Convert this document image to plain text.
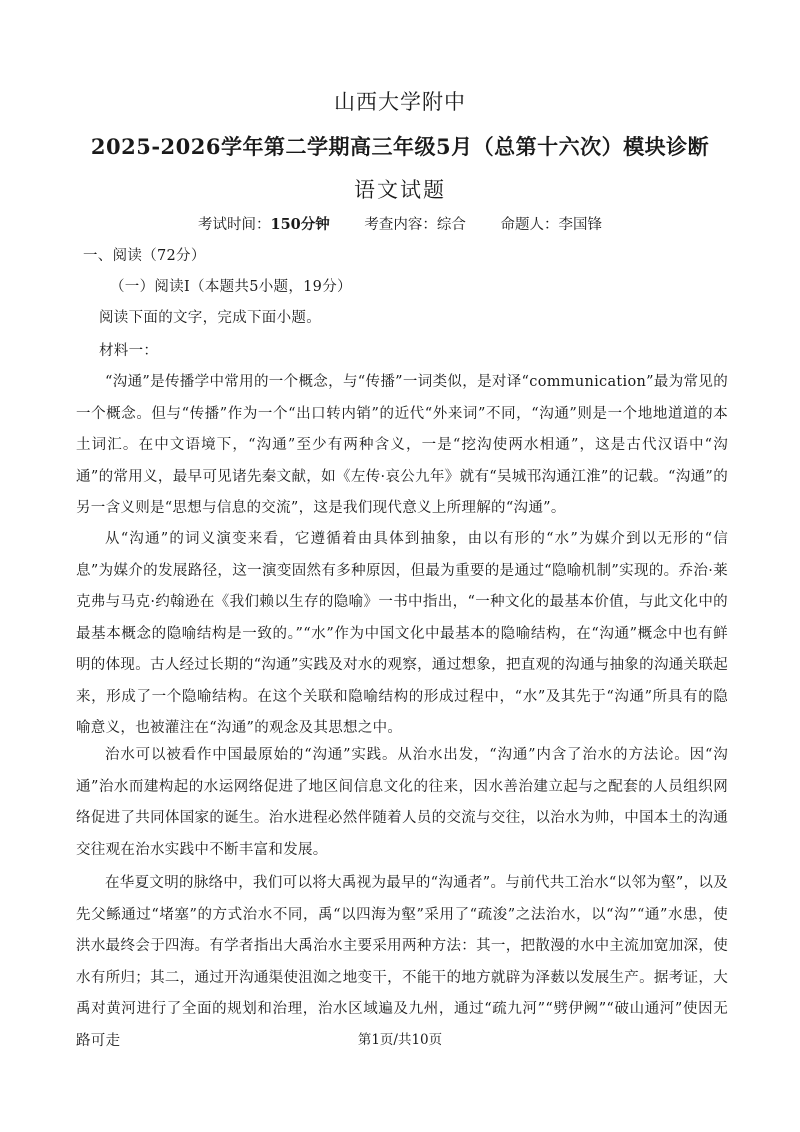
山西大学附中
2025-2026学年第二学期高三年级5月（总第十六次）模块诊断
语文试题
考试时间：150分钟 考查内容：综合 命题人：李国锋
一、阅读（72分）
（一）阅读Ⅰ（本题共5小题，19分）
阅读下面的文字，完成下面小题。
材料一：
“沟通”是传播学中常用的一个概念，与“传播”一词类似，是对译“communication”最为常见的一个概念。但与“传播”作为一个“出口转内销”的近代“外来词”不同，“沟通”则是一个地地道道的本土词汇。在中文语境下，“沟通”至少有两种含义，一是“挖沟使两水相通”，这是古代汉语中“沟通”的常用义，最早可见诸先秦文献，如《左传·哀公九年》就有“吴城邗沟通江淮”的记载。“沟通”的另一含义则是“思想与信息的交流”，这是我们现代意义上所理解的“沟通”。
从“沟通”的词义演变来看，它遵循着由具体到抽象，由以有形的“水”为媒介到以无形的“信息”为媒介的发展路径，这一演变固然有多种原因，但最为重要的是通过“隐喻机制”实现的。乔治·莱克弗与马克·约翰逊在《我们赖以生存的隐喻》一书中指出，“一种文化的最基本价值，与此文化中的最基本概念的隐喻结构是一致的。”“水”作为中国文化中最基本的隐喻结构，在“沟通”概念中也有鲜明的体现。古人经过长期的“沟通”实践及对水的观察，通过想象，把直观的沟通与抽象的沟通关联起来，形成了一个隐喻结构。在这个关联和隐喻结构的形成过程中，“水”及其先于“沟通”所具有的隐喻意义，也被灌注在“沟通”的观念及其思想之中。
治水可以被看作中国最原始的“沟通”实践。从治水出发，“沟通”内含了治水的方法论。因“沟通”治水而建构起的水运网络促进了地区间信息文化的往来，因水善治建立起与之配套的人员组织网络促进了共同体国家的诞生。治水进程必然伴随着人员的交流与交往，以治水为帅，中国本土的沟通交往观在治水实践中不断丰富和发展。
在华夏文明的脉络中，我们可以将大禹视为最早的“沟通者”。与前代共工治水“以邻为壑”，以及先父鲧通过“堵塞”的方式治水不同，禹“以四海为壑”采用了“疏浚”之法治水，以“沟”“通”水患，使洪水最终会于四海。有学者指出大禹治水主要采用两种方法：其一，把散漫的水中主流加宽加深，使水有所归；其二，通过开沟通渠使沮洳之地变干，不能干的地方就辟为泽薮以发展生产。据考证，大禹对黄河进行了全面的规划和治理，治水区域遍及九州，通过“疏九河”“劈伊阙”“破山通河”使因无路可走	第1页/共10页
